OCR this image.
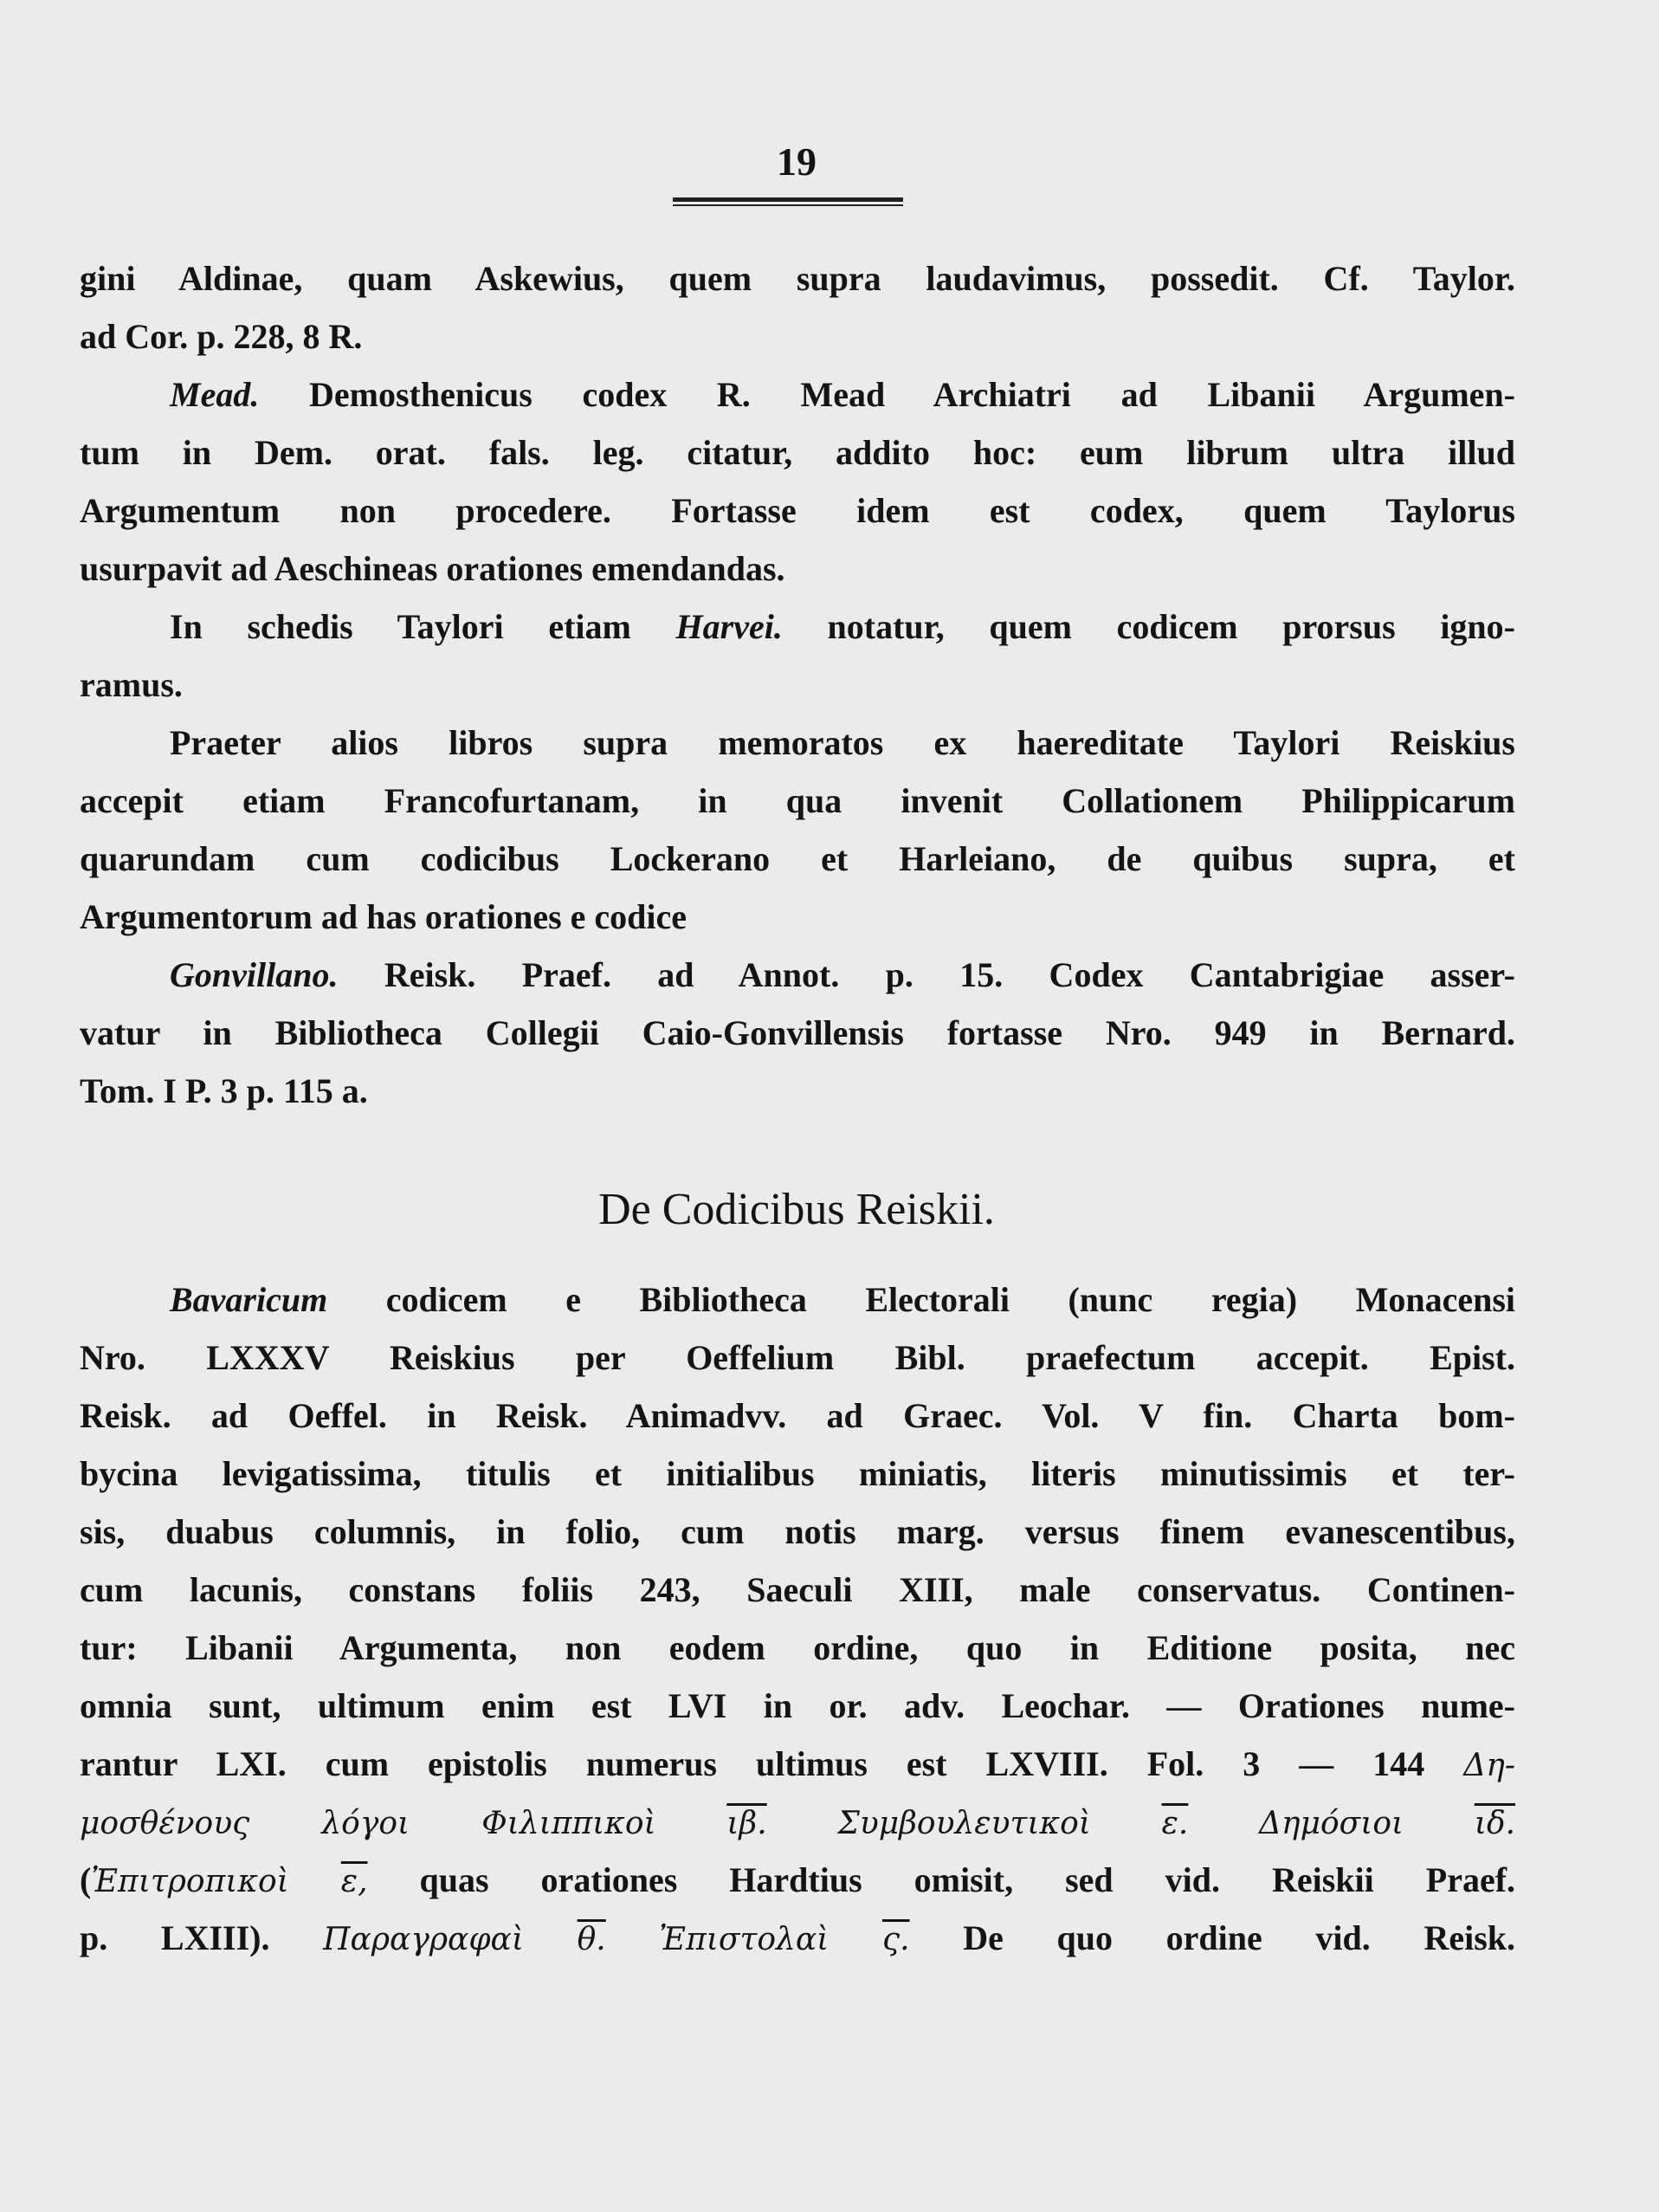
19
gini Aldinae, quam Askewius, quem supra laudavimus, possedit. Cf. Taylor.
ad Cor. p. 228, 8 R.
Mead. Demosthenicus codex R. Mead Archiatri ad Libanii Argumen-
tum in Dem. orat. fals. leg. citatur, addito hoc: eum librum ultra illud
Argumentum non procedere. Fortasse idem est codex, quem Taylorus
usurpavit ad Aeschineas orationes emendandas.
In schedis Taylori etiam Harvei. notatur, quem codicem prorsus igno-
ramus.
Praeter alios libros supra memoratos ex haereditate Taylori Reiskius
accepit etiam Francofurtanam, in qua invenit Collationem Philippicarum
quarundam cum codicibus Lockerano et Harleiano, de quibus supra, et
Argumentorum ad has orationes e codice
Gonvillano. Reisk. Praef. ad Annot. p. 15. Codex Cantabrigiae asser-
vatur in Bibliotheca Collegii Caio-Gonvillensis fortasse Nro. 949 in Bernard.
Tom. I P. 3 p. 115 a.
De Codicibus Reiskii.
Bavaricum codicem e Bibliotheca Electorali (nunc regia) Monacensi
Nro. LXXXV Reiskius per Oeffelium Bibl. praefectum accepit. Epist.
Reisk. ad Oeffel. in Reisk. Animadvv. ad Graec. Vol. V fin. Charta bom-
bycina levigatissima, titulis et initialibus miniatis, literis minutissimis et ter-
sis, duabus columnis, in folio, cum notis marg. versus finem evanescentibus,
cum lacunis, constans foliis 243, Saeculi XIII, male conservatus. Continen-
tur: Libanii Argumenta, non eodem ordine, quo in Editione posita, nec
omnia sunt, ultimum enim est LVI in or. adv. Leochar. — Orationes nume-
rantur LXI. cum epistolis numerus ultimus est LXVIII. Fol. 3 — 144 Δη-
μοσθένους λόγοι Φιλιππικοὶ ιβ. Συμβουλευτικοὶ ε. Δημόσιοι ιδ.
(Ἐπιτροπικοὶ ε, quas orationes Hardtius omisit, sed vid. Reiskii Praef.
p. LXIII). Παραγραφαὶ θ. Ἐπιστολαὶ ς. De quo ordine vid. Reisk.
